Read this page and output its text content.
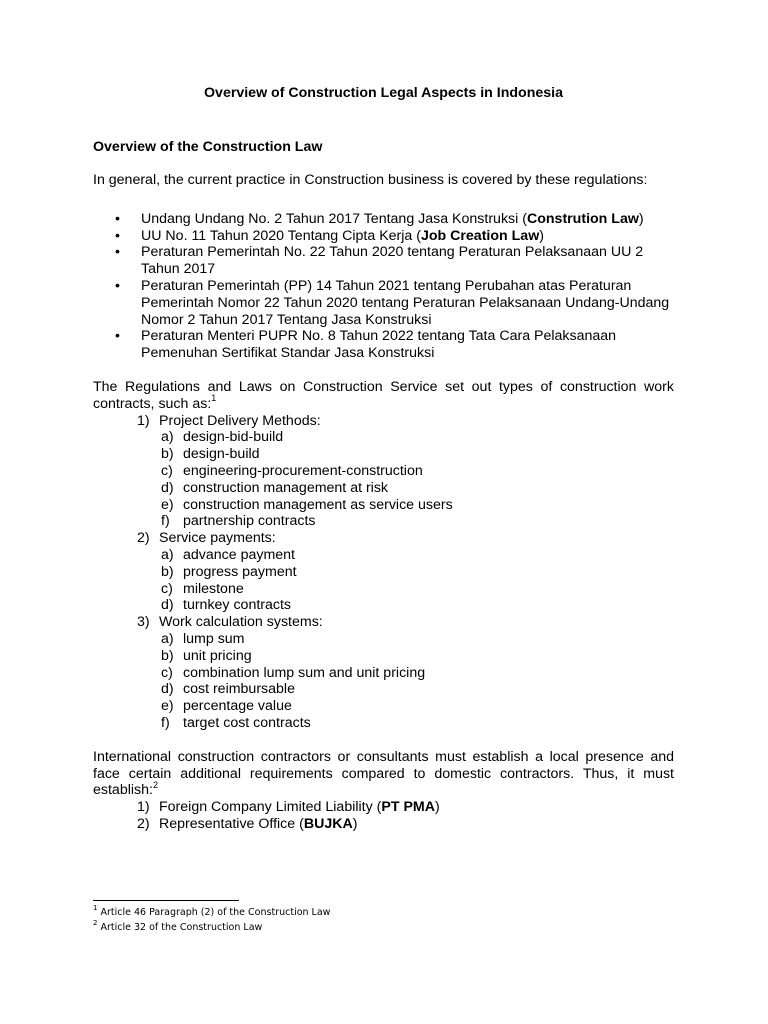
Overview of Construction Legal Aspects in Indonesia
Overview of the Construction Law

In general, the current practice in Construction business is covered by these regulations:

•	Undang Undang No. 2 Tahun 2017 Tentang Jasa Konstruksi (Constrution Law)
•	UU No. 11 Tahun 2020 Tentang Cipta Kerja (Job Creation Law)
•	Peraturan Pemerintah No. 22 Tahun 2020 tentang Peraturan Pelaksanaan UU 2 Tahun 2017
•	Peraturan Pemerintah (PP) 14 Tahun 2021 tentang Perubahan atas Peraturan Pemerintah Nomor 22 Tahun 2020 tentang Peraturan Pelaksanaan Undang-Undang Nomor 2 Tahun 2017 Tentang Jasa Konstruksi
•	Peraturan Menteri PUPR No. 8 Tahun 2022 tentang Tata Cara Pelaksanaan Pemenuhan Sertifikat Standar Jasa Konstruksi

The Regulations and Laws on Construction Service set out types of construction work contracts, such as:$^1$

1) Project Delivery Methods:
a) design-bid-build
b) design-build
c) engineering-procurement-construction
d) construction management at risk
e) construction management as service users
f) partnership contracts
2) Service payments:
a) advance payment
b) progress payment
c) milestone
d) turnkey contracts
3) Work calculation systems:
a) lump sum
b) unit pricing
c) combination lump sum and unit pricing
d) cost reimbursable
e) percentage value
f) target cost contracts

International construction contractors or consultants must establish a local presence and face certain additional requirements compared to domestic contractors. Thus, it must establish:$^2$

1) Foreign Company Limited Liability (PT PMA)
2) Representative Office (BUJKA)
$^1$ Article 46 Paragraph (2) of the Construction Law
$^2$ Article 32 of the Construction Law
